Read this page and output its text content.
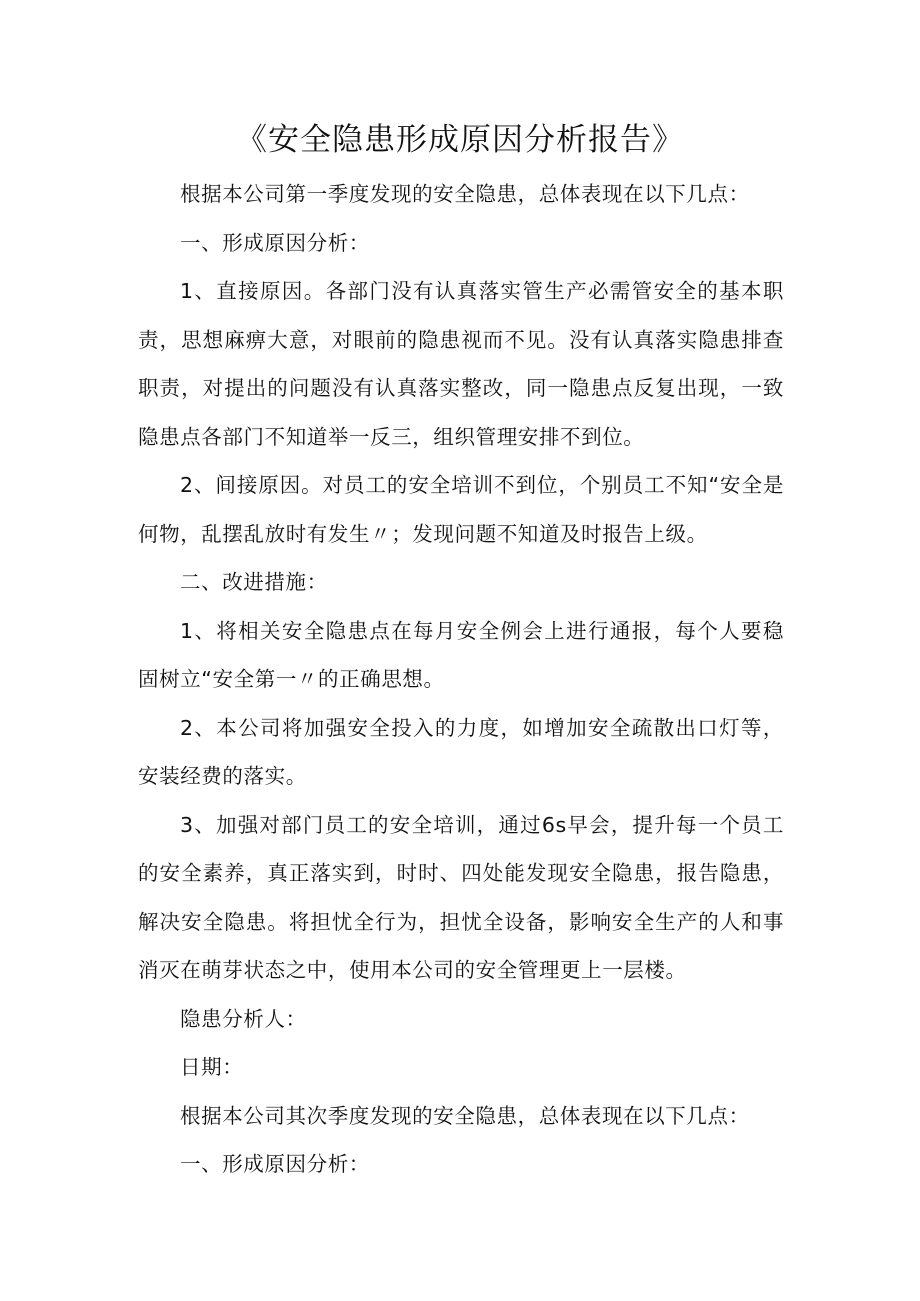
《安全隐患形成原因分析报告》

根据本公司第一季度发现的安全隐患，总体表现在以下几点：

一、形成原因分析：

1、直接原因。各部门没有认真落实管生产必需管安全的基本职责，思想麻痹大意，对眼前的隐患视而不见。没有认真落实隐患排查职责，对提出的问题没有认真落实整改，同一隐患点反复出现，一致隐患点各部门不知道举一反三，组织管理安排不到位。

2、间接原因。对员工的安全培训不到位，个别员工不知“安全是何物，乱摆乱放时有发生〃；发现问题不知道及时报告上级。

二、改进措施：

1、将相关安全隐患点在每月安全例会上进行通报，每个人要稳固树立“安全第一〃的正确思想。

2、本公司将加强安全投入的力度，如增加安全疏散出口灯等，安装经费的落实。

3、加强对部门员工的安全培训，通过6s早会，提升每一个员工的安全素养，真正落实到，时时、四处能发现安全隐患，报告隐患，解决安全隐患。将担忧全行为，担忧全设备，影响安全生产的人和事消灭在萌芽状态之中，使用本公司的安全管理更上一层楼。

隐患分析人：

日期：

根据本公司其次季度发现的安全隐患，总体表现在以下几点：

一、形成原因分析：
